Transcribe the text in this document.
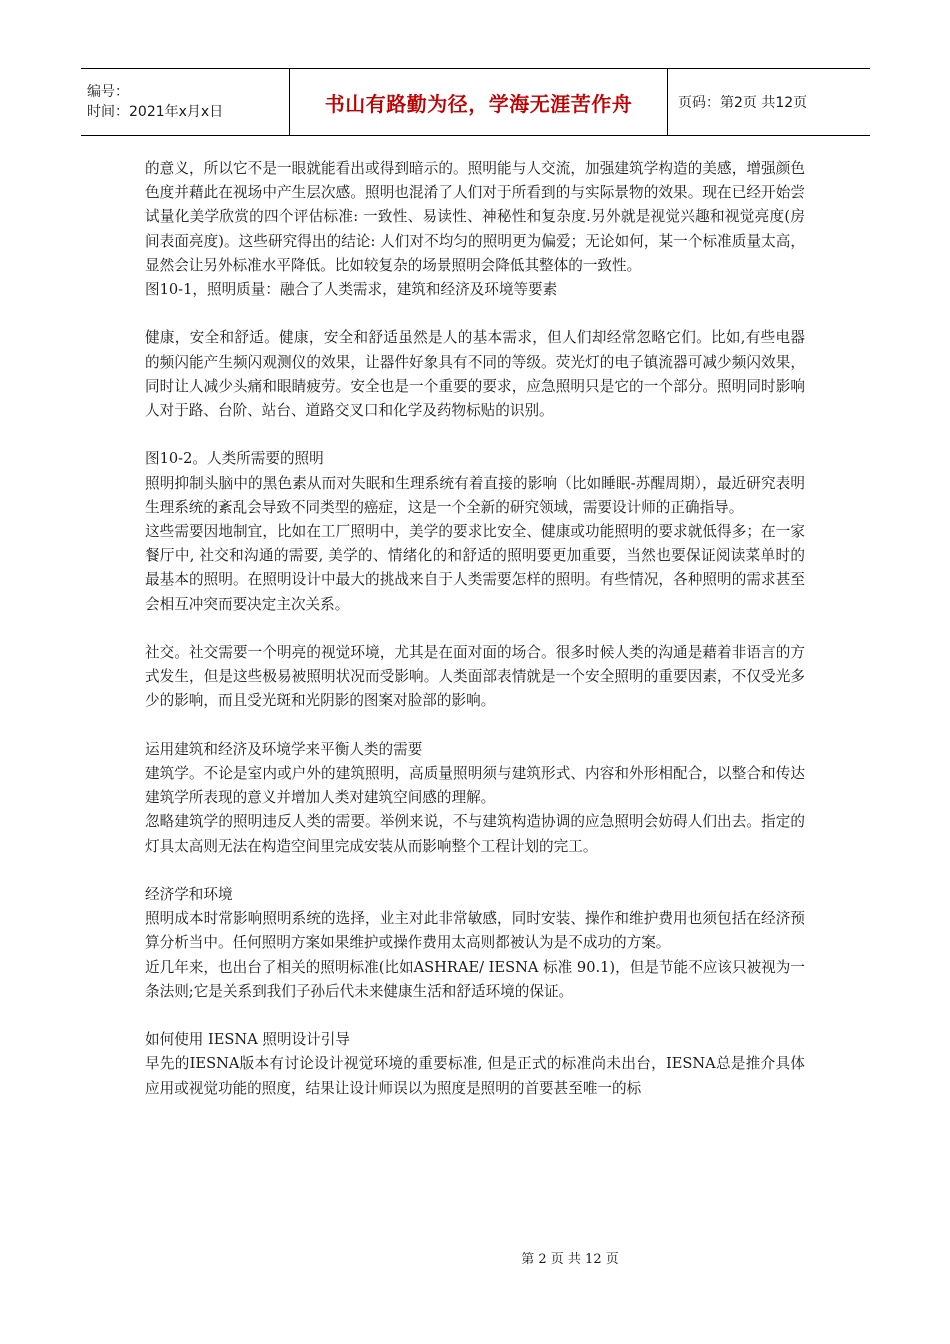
编号：
时间：2021年x月x日	书山有路勤为径，学海无涯苦作舟	页码：第2页 共12页

的意义，所以它不是一眼就能看出或得到暗示的。照明能与人交流，加强建筑学构造的美感，增强颜色色度并藉此在视场中产生层次感。照明也混淆了人们对于所看到的与实际景物的效果。现在已经开始尝试量化美学欣赏的四个评估标准: 一致性、易读性、神秘性和复杂度.另外就是视觉兴趣和视觉亮度(房间表面亮度)。这些研究得出的结论: 人们对不均匀的照明更为偏爱；无论如何，某一个标准质量太高，显然会让另外标准水平降低。比如较复杂的场景照明会降低其整体的一致性。

图10-1，照明质量：融合了人类需求，建筑和经济及环境等要素

健康，安全和舒适。健康，安全和舒适虽然是人的基本需求，但人们却经常忽略它们。比如,有些电器的频闪能产生频闪观测仪的效果，让器件好象具有不同的等级。荧光灯的电子镇流器可减少频闪效果，同时让人减少头痛和眼睛疲劳。安全也是一个重要的要求，应急照明只是它的一个部分。照明同时影响人对于路、台阶、站台、道路交叉口和化学及药物标贴的识别。

图10-2。人类所需要的照明

照明抑制头脑中的黑色素从而对失眠和生理系统有着直接的影响（比如睡眠-苏醒周期），最近研究表明生理系统的紊乱会导致不同类型的癌症，这是一个全新的研究领域，需要设计师的正确指导。

这些需要因地制宜，比如在工厂照明中，美学的要求比安全、健康或功能照明的要求就低得多；在一家餐厅中, 社交和沟通的需要, 美学的、情绪化的和舒适的照明要更加重要，当然也要保证阅读菜单时的最基本的照明。在照明设计中最大的挑战来自于人类需要怎样的照明。有些情况，各种照明的需求甚至会相互冲突而要决定主次关系。

社交。社交需要一个明亮的视觉环境，尤其是在面对面的场合。很多时候人类的沟通是藉着非语言的方式发生，但是这些极易被照明状况而受影响。人类面部表情就是一个安全照明的重要因素，不仅受光多少的影响，而且受光斑和光阴影的图案对脸部的影响。

运用建筑和经济及环境学来平衡人类的需要

建筑学。不论是室内或户外的建筑照明，高质量照明须与建筑形式、内容和外形相配合，以整合和传达建筑学所表现的意义并增加人类对建筑空间感的理解。

忽略建筑学的照明违反人类的需要。举例来说，不与建筑构造协调的应急照明会妨碍人们出去。指定的灯具太高则无法在构造空间里完成安装从而影响整个工程计划的完工。

经济学和环境

照明成本时常影响照明系统的选择，业主对此非常敏感，同时安装、操作和维护费用也须包括在经济预算分析当中。任何照明方案如果维护或操作费用太高则都被认为是不成功的方案。

近几年来，也出台了相关的照明标准(比如ASHRAE/ IESNA 标准 90.1)，但是节能不应该只被视为一条法则;它是关系到我们子孙后代未来健康生活和舒适环境的保证。

如何使用 IESNA 照明设计引导

早先的IESNA版本有讨论设计视觉环境的重要标准, 但是正式的标准尚未出台，IESNA总是推介具体应用或视觉功能的照度，结果让设计师误以为照度是照明的首要甚至唯一的标

第 2 页 共 12 页
